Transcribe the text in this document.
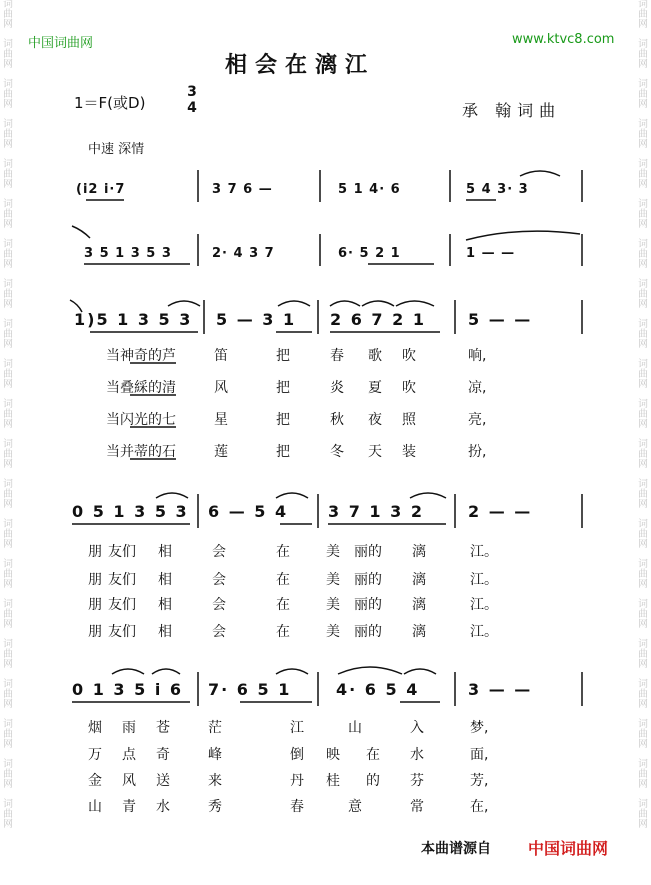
词
曲
网
词
曲
网
词
曲
网
词
曲
网
词
曲
网
词
曲
网
词
曲
网
词
曲
网
词
曲
网
词
曲
网
词
曲
网
词
曲
网
词
曲
网
词
曲
网
词
曲
网
词
曲
网
词
曲
网
词
曲
网
词
曲
网
词
曲
网
词
曲
网
词
曲
网
词
曲
网
词
曲
网
词
曲
网
词
曲
网
词
曲
网
词
曲
网
词
曲
网
词
曲
网
词
曲
网
词
曲
网
词
曲
网
词
曲
网
词
曲
网
词
曲
网
词
曲
网
词
曲
网
词
曲
网
词
曲
网
词
曲
网
词
曲
网
中国词曲网	www.ktvc8.com
相会在漓江
1＝F(或D)
3
4	承 翰词曲
中速 深情
(i2 i·7	3 7 6 —	5 1 4· 6	5 4 3· 3
3 5 1 3 5 3	2· 4 3 7	6· 5 2 1	1 — —
1)5 1 3 5 3 5 — 3 1 2 6 7 2 1	5 — —
当神奇的芦	笛	把	春 歌 吹	响,
当叠綵的清	风	把	炎 夏 吹	凉,
当闪光的七	星	把	秋 夜 照	亮,
当并蒂的石	莲	把	冬 天 装	扮,
0 5 1 3 5 3 6 — 5 4 3 7 1 3 2	2 — —
朋 友们 相	会	在	美 丽的 漓	江。
朋 友们 相	会	在	美 丽的 漓	江。
朋 友们 相	会	在	美 丽的 漓	江。
朋 友们 相	会	在	美 丽的 漓	江。
0 1 3 5 i 6 7· 6 5 1	4· 6 5 4	3 — —
烟 雨 苍	茫	江	山	入	梦,
万 点 奇	峰	倒 映 在 水	面,
金 风 送	来	丹 桂 的 芬	芳,
山 青 水	秀	春	意	常	在,
本曲谱源自 中国词曲网
